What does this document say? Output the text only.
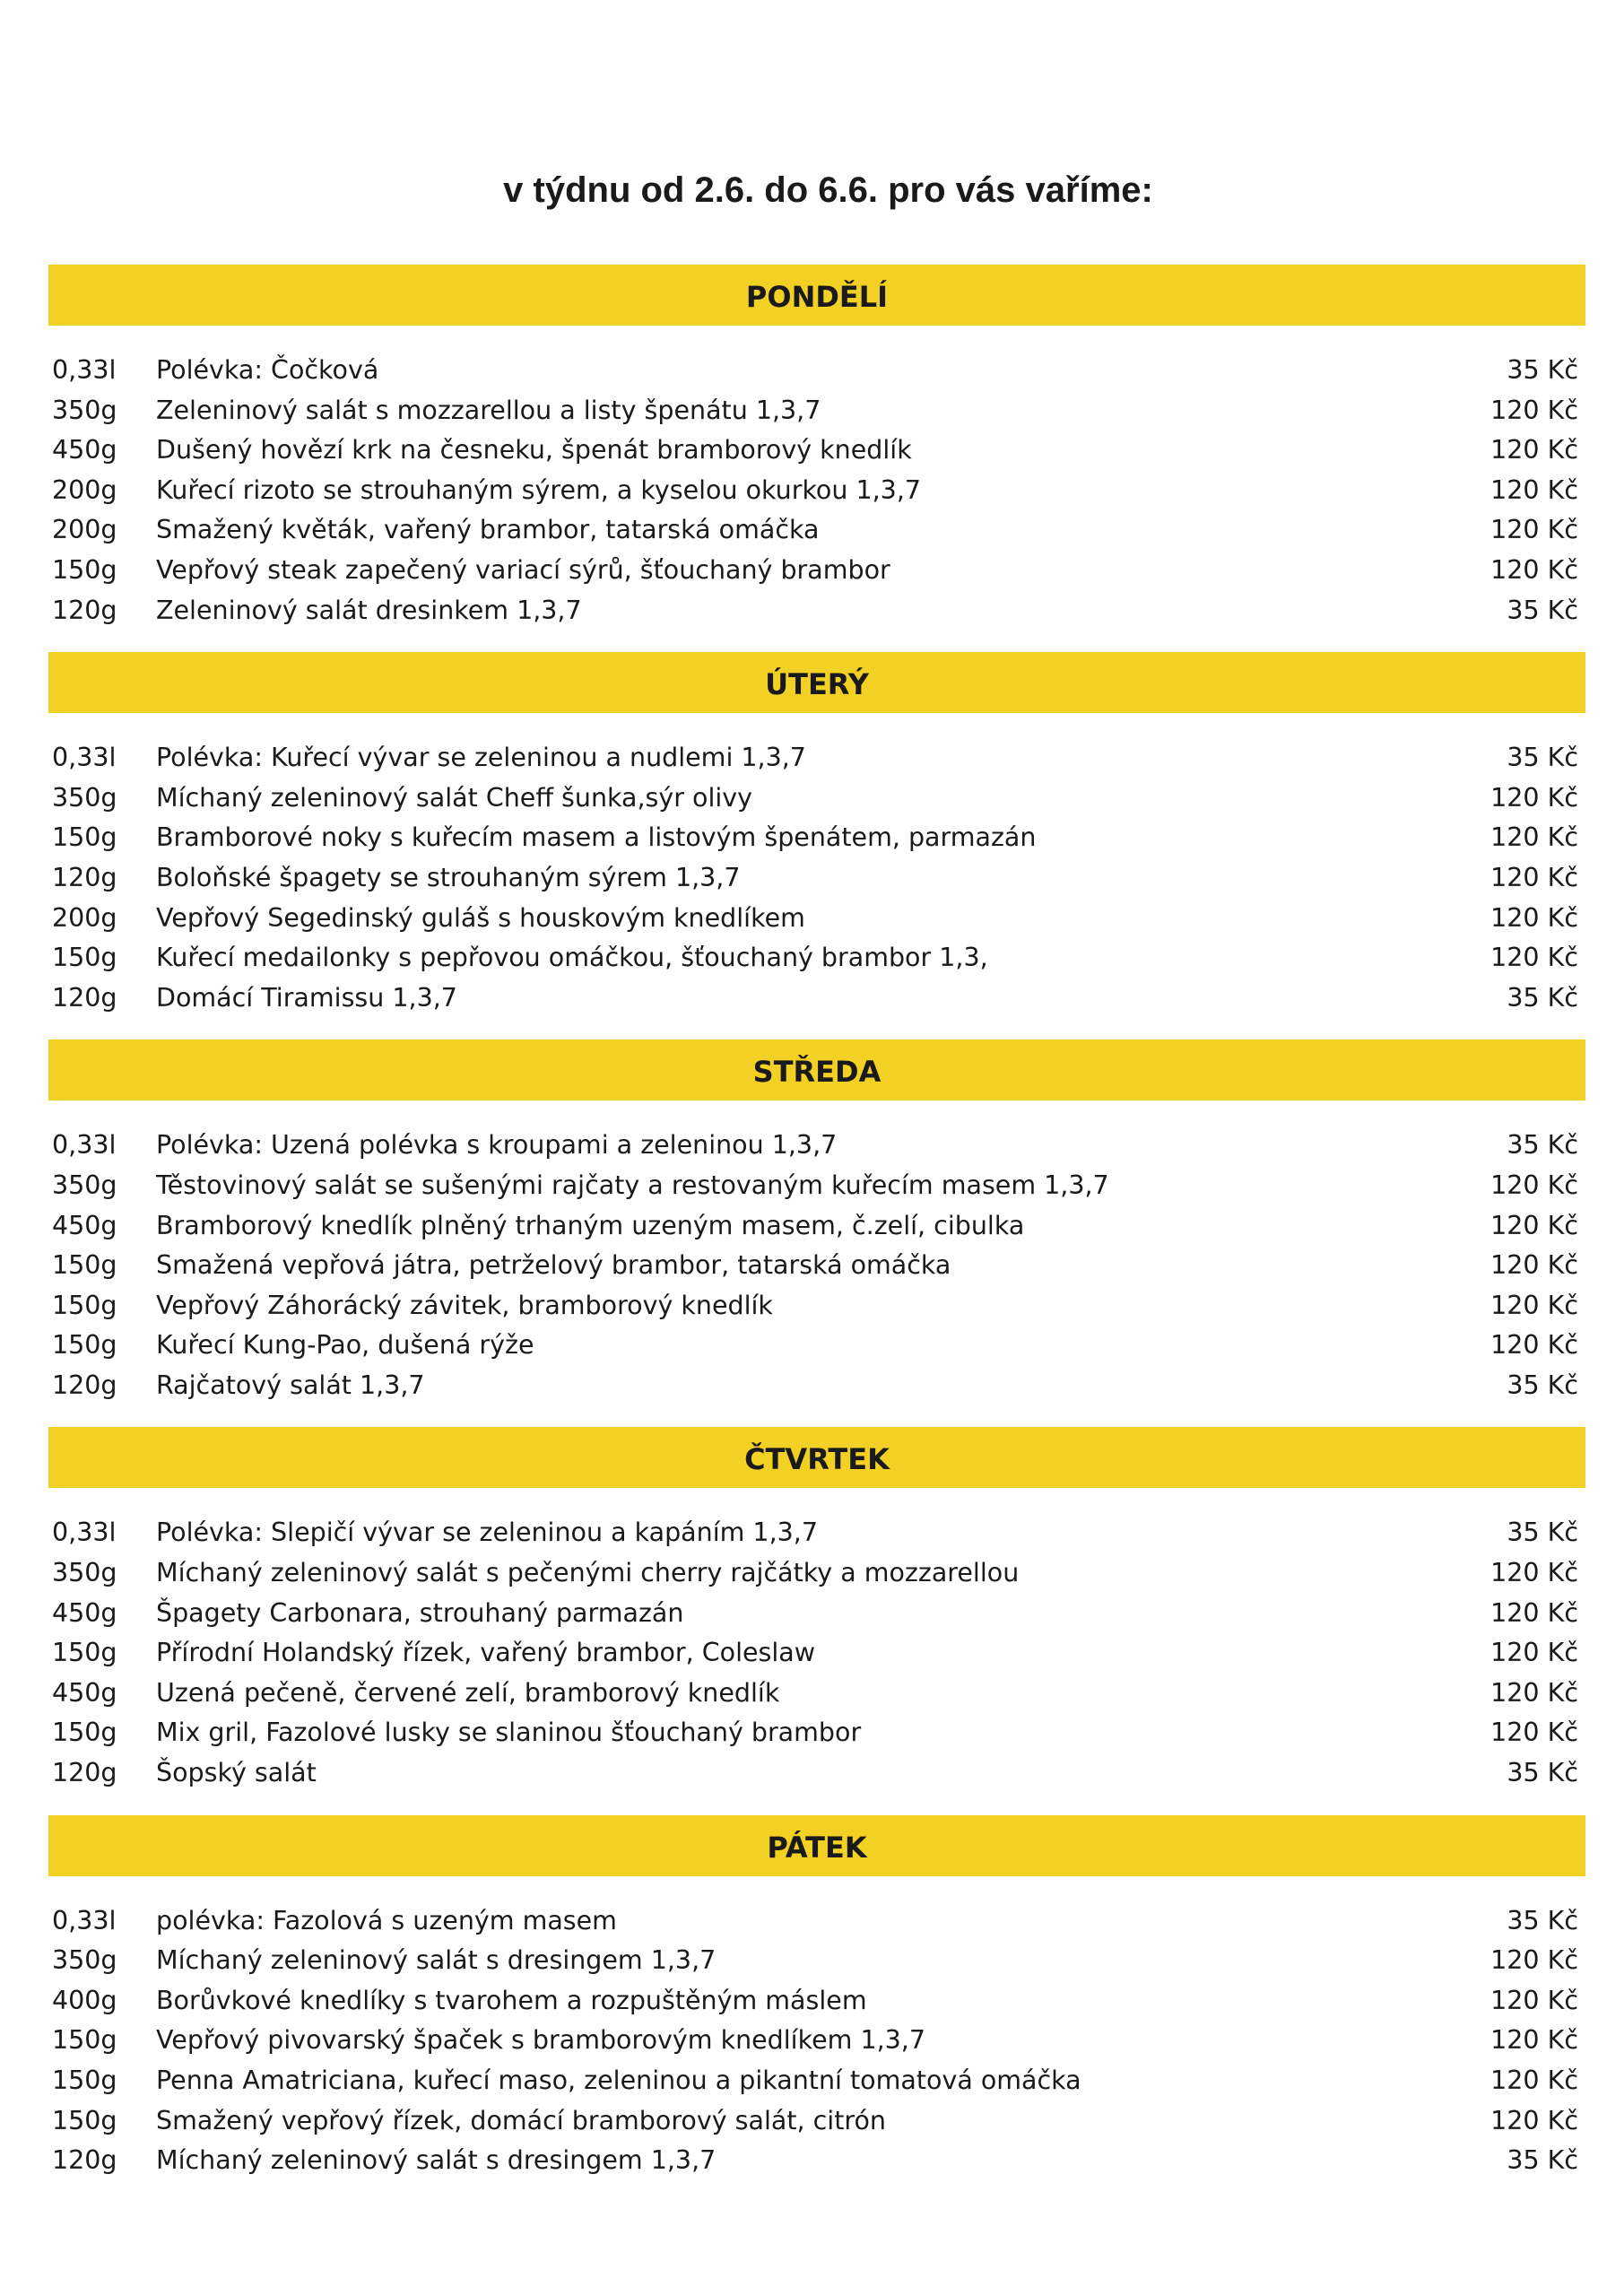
v týdnu od 2.6. do 6.6. pro vás vaříme:
PONDĚLÍ
0,33l Polévka: Čočková	35 Kč
350g Zeleninový salát s mozzarellou a listy špenátu 1,3,7	120 Kč
450g Dušený hovězí krk na česneku, špenát bramborový knedlík	120 Kč
200g Kuřecí rizoto se strouhaným sýrem, a kyselou okurkou 1,3,7	120 Kč
200g Smažený květák, vařený brambor, tatarská omáčka	120 Kč
150g Vepřový steak zapečený variací sýrů, šťouchaný brambor	120 Kč
120g Zeleninový salát dresinkem 1,3,7	35 Kč
ÚTERÝ
0,33l Polévka: Kuřecí vývar se zeleninou a nudlemi 1,3,7	35 Kč
350g Míchaný zeleninový salát Cheff šunka,sýr olivy	120 Kč
150g Bramborové noky s kuřecím masem a listovým špenátem, parmazán	120 Kč
120g Boloňské špagety se strouhaným sýrem 1,3,7	120 Kč
200g Vepřový Segedinský guláš s houskovým knedlíkem	120 Kč
150g Kuřecí medailonky s pepřovou omáčkou, šťouchaný brambor 1,3,	120 Kč
120g Domácí Tiramissu 1,3,7	35 Kč
STŘEDA
0,33l Polévka: Uzená polévka s kroupami a zeleninou 1,3,7	35 Kč
350g Těstovinový salát se sušenými rajčaty a restovaným kuřecím masem 1,3,7	120 Kč
450g Bramborový knedlík plněný trhaným uzeným masem, č.zelí, cibulka	120 Kč
150g Smažená vepřová játra, petrželový brambor, tatarská omáčka	120 Kč
150g Vepřový Záhorácký závitek, bramborový knedlík	120 Kč
150g Kuřecí Kung-Pao, dušená rýže	120 Kč
120g Rajčatový salát 1,3,7	35 Kč
ČTVRTEK
0,33l Polévka: Slepičí vývar se zeleninou a kapáním 1,3,7	35 Kč
350g Míchaný zeleninový salát s pečenými cherry rajčátky a mozzarellou	120 Kč
450g Špagety Carbonara, strouhaný parmazán	120 Kč
150g Přírodní Holandský řízek, vařený brambor, Coleslaw	120 Kč
450g Uzená pečeně, červené zelí, bramborový knedlík	120 Kč
150g Mix gril, Fazolové lusky se slaninou šťouchaný brambor	120 Kč
120g Šopský salát	35 Kč
PÁTEK
0,33l polévka: Fazolová s uzeným masem	35 Kč
350g Míchaný zeleninový salát s dresingem 1,3,7	120 Kč
400g Borůvkové knedlíky s tvarohem a rozpuštěným máslem	120 Kč
150g Vepřový pivovarský špaček s bramborovým knedlíkem 1,3,7	120 Kč
150g Penna Amatriciana, kuřecí maso, zeleninou a pikantní tomatová omáčka	120 Kč
150g Smažený vepřový řízek, domácí bramborový salát, citrón	120 Kč
120g Míchaný zeleninový salát s dresingem 1,3,7	35 Kč
